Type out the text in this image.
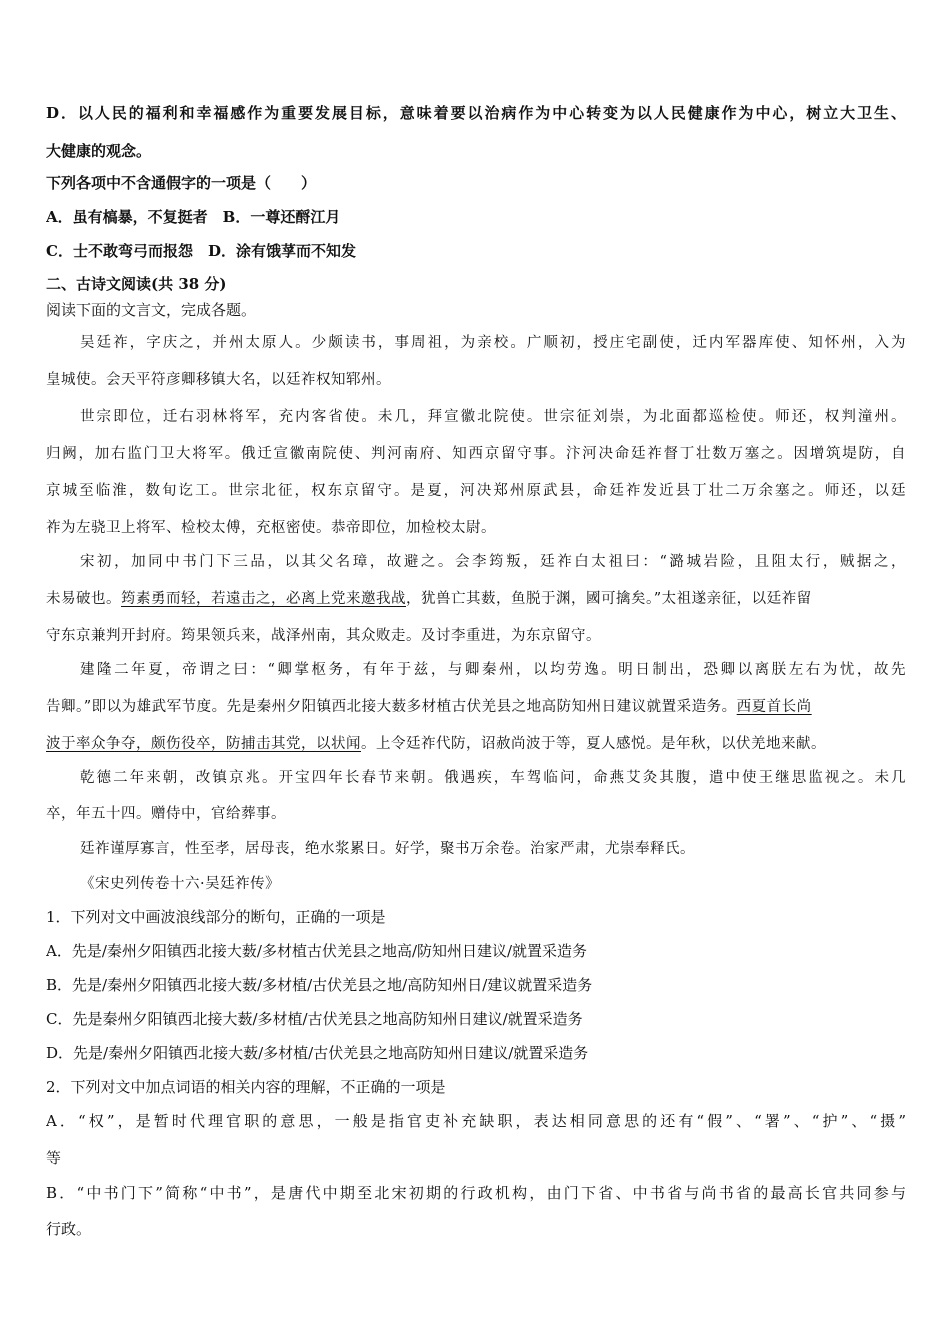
D．以人民的福利和幸福感作为重要发展目标，意味着要以治病作为中心转变为以人民健康作为中心，树立大卫生、
大健康的观念。
下列各项中不含通假字的一项是（　　）
A．虽有槁暴，不复挺者　B．一尊还酹江月
C．士不敢弯弓而报怨　D．涂有饿莩而不知发
二、古诗文阅读(共 38 分)
阅读下面的文言文，完成各题。
吴廷祚，字庆之，并州太原人。少颇读书，事周祖，为亲校。广顺初，授庄宅副使，迁内军器库使、知怀州，入为
皇城使。会天平符彦卿移镇大名，以廷祚权知郓州。
世宗即位，迁右羽林将军，充内客省使。未几，拜宣徽北院使。世宗征刘崇，为北面都巡检使。师还，权判潼州。
归阙，加右监门卫大将军。俄迁宣徽南院使、判河南府、知西京留守事。汴河决命廷祚督丁壮数万塞之。因增筑堤防，自
京城至临淮，数旬讫工。世宗北征，权东京留守。是夏，河决郑州原武县，命廷祚发近县丁壮二万余塞之。师还，以廷
祚为左骁卫上将军、检校太傅，充枢密使。恭帝即位，加检校太尉。
宋初，加同中书门下三品，以其父名璋，故避之。会李筠叛，廷祚白太祖曰：“潞城岩险，且阻太行，贼据之，
未易破也。筠素勇而轻，若遠击之，必离上党来邀我战，犹兽亡其薮，鱼脱于渊，國可擒矣。”太祖遂亲征，以廷祚留
守东京兼判开封府。筠果领兵来，战泽州南，其众败走。及讨李重进，为东京留守。
建隆二年夏，帝谓之曰：“卿掌枢务，有年于兹，与卿秦州，以均劳逸。明日制出，恐卿以离朕左右为忧，故先
告卿。”即以为雄武军节度。先是秦州夕阳镇西北接大薮多材植古伏羌县之地高防知州日建议就置采造务。西夏首长尚
波于率众争夺，颇伤役卒，防捕击其党，以状闻。上令廷祚代防，诏赦尚波于等，夏人感悦。是年秋，以伏羌地来献。
乾德二年来朝，改镇京兆。开宝四年长春节来朝。俄遇疾，车驾临问，命燕艾灸其腹，遣中使王继思监视之。未几
卒，年五十四。赠侍中，官给葬事。
廷祚谨厚寡言，性至孝，居母丧，绝水浆累日。好学，聚书万余卷。治家严肃，尤崇奉释氏。
《宋史列传卷十六·吴廷祚传》
1．下列对文中画波浪线部分的断句，正确的一项是
A．先是/秦州夕阳镇西北接大薮/多材植古伏羌县之地高/防知州日建议/就置采造务
B．先是/秦州夕阳镇西北接大薮/多材植/古伏羌县之地/高防知州日/建议就置采造务
C．先是秦州夕阳镇西北接大薮/多材植/古伏羌县之地高防知州日建议/就置采造务
D．先是/秦州夕阳镇西北接大薮/多材植/古伏羌县之地高防知州日建议/就置采造务
2．下列对文中加点词语的相关内容的理解，不正确的一项是
A．“权”，是暂时代理官职的意思，一般是指官吏补充缺职，表达相同意思的还有“假”、“署”、“护”、“摄”
等
B．“中书门下”简称“中书”，是唐代中期至北宋初期的行政机构，由门下省、中书省与尚书省的最高长官共同参与
行政。
